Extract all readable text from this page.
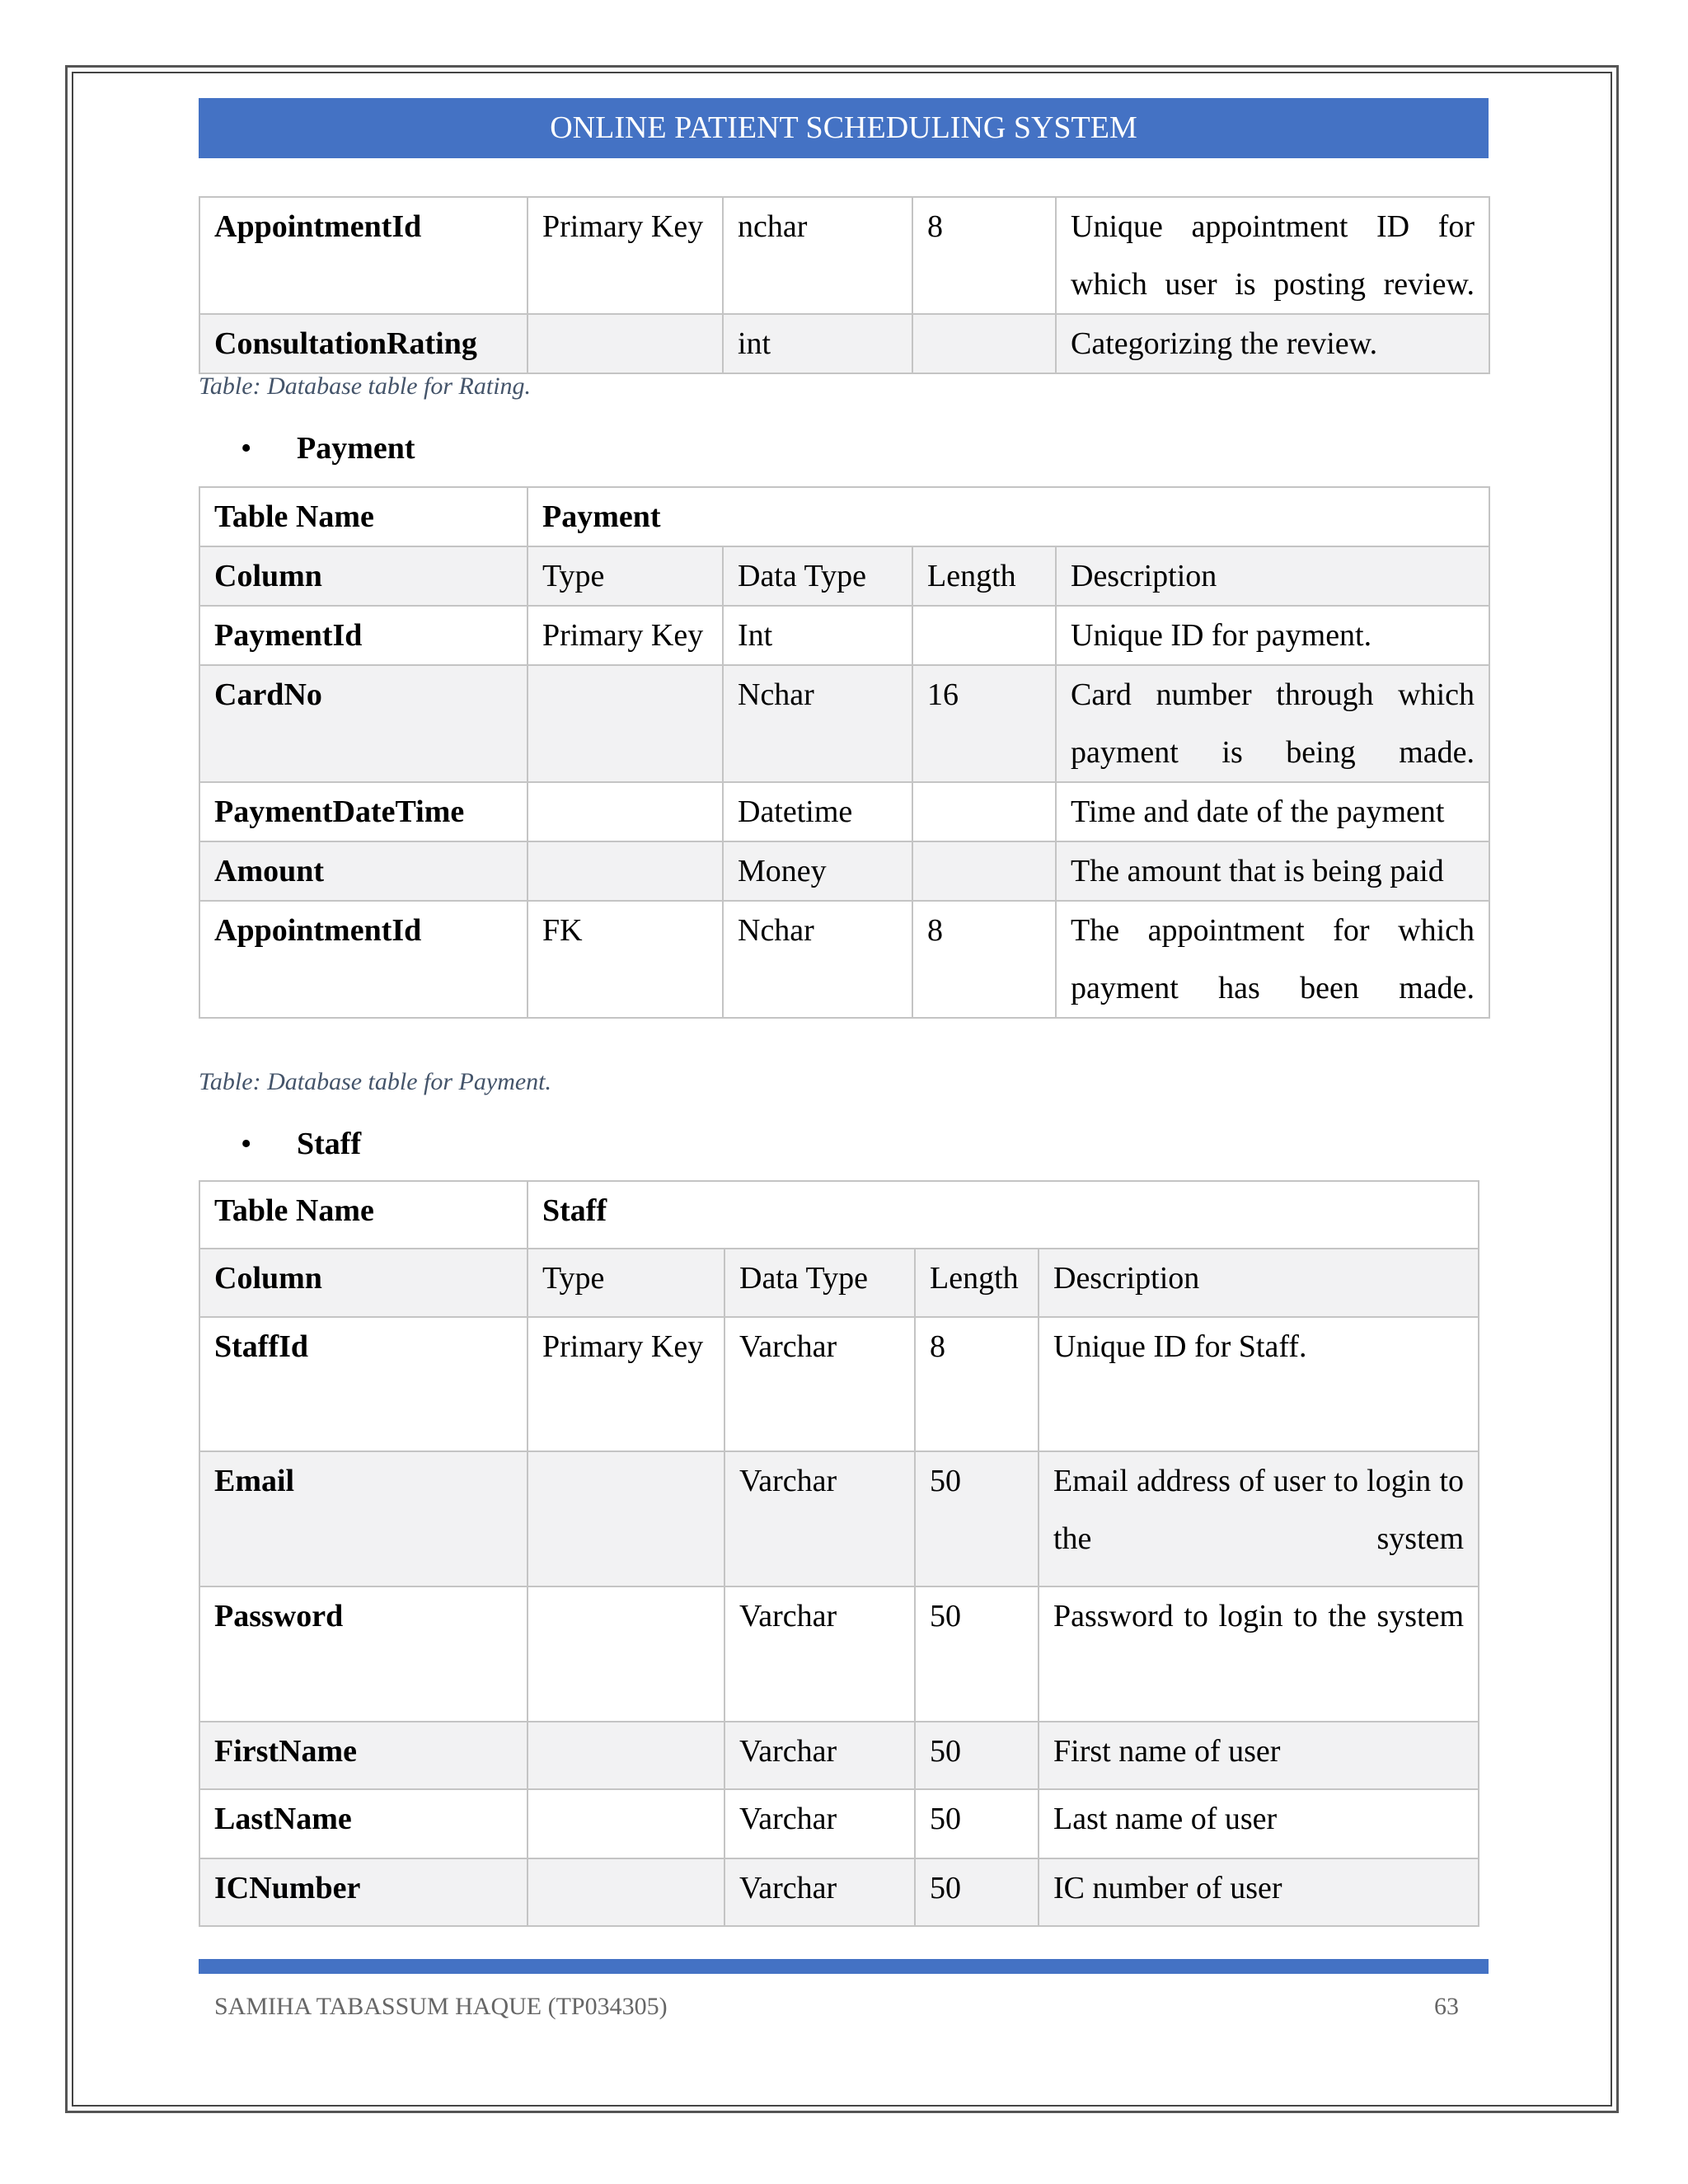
ONLINE PATIENT SCHEDULING SYSTEM
AppointmentId	Primary Key	nchar	8	Unique appointment ID for which user is posting review.
ConsultationRating		int		Categorizing the review.
Table: Database table for Rating.
• Payment
Table Name	Payment			
Column	Type	Data Type	Length	Description
PaymentId	Primary Key	Int		Unique ID for payment.
CardNo		Nchar	16	Card number through which payment is being made.
PaymentDateTime		Datetime		Time and date of the payment
Amount		Money		The amount that is being paid
AppointmentId	FK	Nchar	8	The appointment for which payment has been made.
Table: Database table for Payment.
• Staff
Table Name	Staff			
Column	Type	Data Type	Length	Description
StaffId	Primary Key	Varchar	8	Unique ID for Staff.
Email		Varchar	50	Email address of user to login to the system
Password		Varchar	50	Password to login to the system
FirstName		Varchar	50	First name of user
LastName		Varchar	50	Last name of user
ICNumber		Varchar	50	IC number of user
SAMIHA TABASSUM HAQUE (TP034305)	63
